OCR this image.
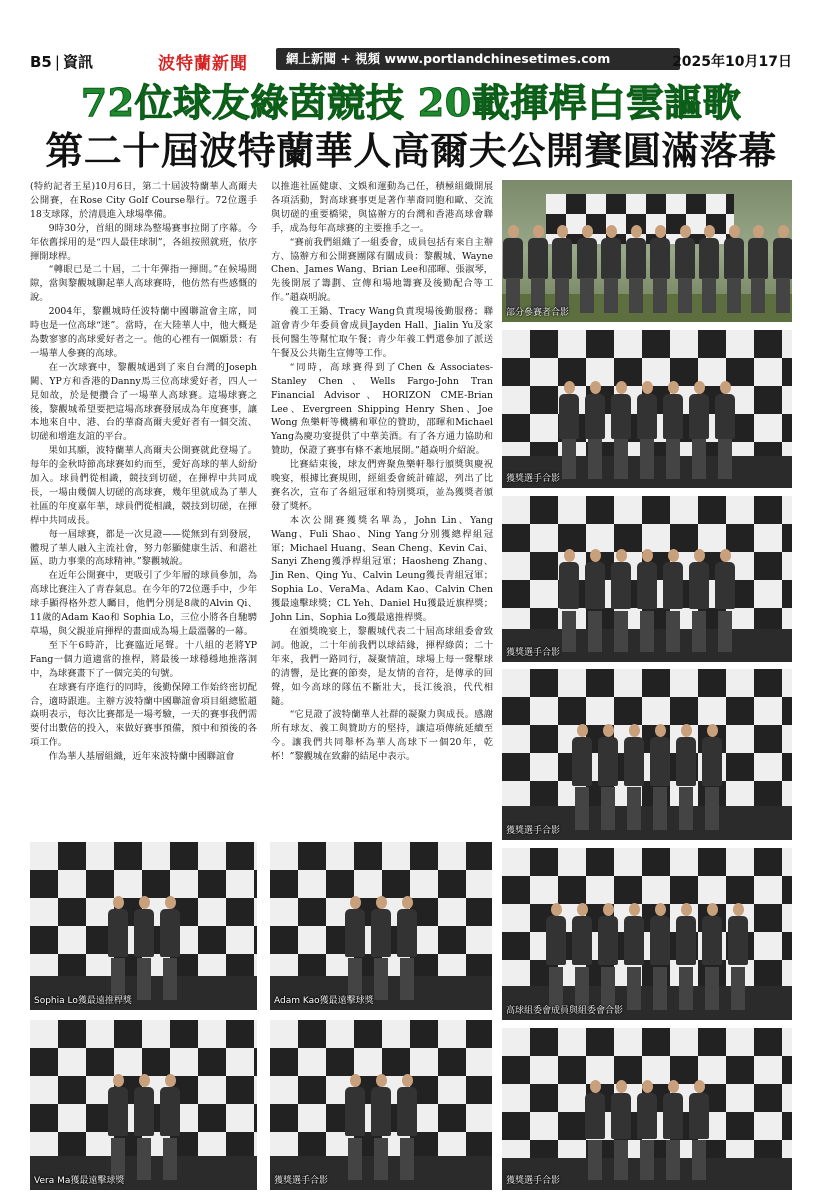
B5 | 資訊	波特蘭新聞	網上新聞 + 視頻 www.portlandchinesetimes.com	2025年10月17日
72位球友綠茵競技 20載揮桿白雲謳歌
第二十屆波特蘭華人高爾夫公開賽圓滿落幕

(特約記者王星)10月6日，第二十屆波特蘭華人高爾夫公開賽，在Rose City Golf Course舉行。72位選手18支球隊，於清晨進入球場準備。

9時30分，首組的開球為整場賽事拉開了序幕。今年依舊採用的是“四人最佳球制”，各組按照就班，依序揮開球桿。

“轉眼已是二十屆，二十年彈指一揮間。”在候場間隙，當與黎觀城聊起華人高球賽時，他仿然有些感慨的說。

2004年，黎觀城時任波特蘭中國聯誼會主席，同時也是一位高球“迷”。當時，在大陸華人中，他大概是為數寥寥的高球愛好者之一。他的心裡有一個願景：有一場華人參賽的高球。

在一次球賽中，黎觀城遇到了來自台灣的Joseph闕、YP方和香港的Danny馬三位高球愛好者，四人一見如故，於是便攢合了一場華人高球賽。這場球賽之後，黎觀城希望要把這場高球賽發展成為年度賽事，讓本地來自中、港、台的華裔高爾夫愛好者有一個交流、切磋和增進友誼的平台。

果如其願，波特蘭華人高爾夫公開賽就此登場了。每年的金秋時節高球賽如約而至，愛好高球的華人紛紛加入。球員們從相識，競技到切磋，在揮桿中共同成長，一場由幾個人切磋的高球賽，幾年里就成為了華人社區的年度嘉年華，球員們從相識，競技到切磋，在揮桿中共同成長。

每一屆球賽，都是一次見證——從無到有到發展，體現了華人融入主流社會，努力彰顯健康生活、和諧社區、助力事業的高球精神。”黎觀城說。

在近年公開賽中，更吸引了少年層的球員參加，為高球比賽注入了青春氣息。在今年的72位選手中，少年球手顯得格外惹人矚目，他們分別是8歲的Alvin Qi、11歲的Adam Kao和 Sophia Lo，三位小將各自馳騁草場，與父親並肩揮桿的畫面成為場上最溫馨的一幕。

至下午6時許，比賽臨近尾聲。十八組的老將YP Fang一個力道適當的推桿，將最後一球穩穩地推落洞中，為球賽畫下了一個完美的句號。

在球賽有序進行的同時，後勤保障工作始終密切配合，適時跟進。主辦方波特蘭中國聯誼會項目組總監趙焱明表示，每次比賽都是一場考驗，一天的賽事我們需要付出數倍的投入，來做好賽事預備，預中和預後的各項工作。

作為華人基層組織，近年來波特蘭中國聯誼會

以推進社區健康、文娛和運動為己任，積極組織開展各項活動，對高球賽事更是著作華裔同胞和歐、交流與切磋的重要橋梁，與協辦方的台灣和香港高球會聯手，成為每年高球賽的主要推手之一。

“賽前我們組織了一組委會，成員包括有來自主辦方、協辦方和公開賽團隊有關成員：黎觀城、Wayne Chen、James Wang、Brian Lee和邵暉、張淑琴，先後開展了籌劃、宣傳和場地籌賽及後勤配合等工作。”趙焱明說。

義工王鍋、Tracy Wang負責現場後勤服務；聯誼會青少年委員會成員Jayden Hall、Jialin Yu及家長何醫生等幫忙取午餐；青少年義工們還參加了派送午餐及公共衛生宣傳等工作。

“同時，高球賽得到了Chen & Associates-Stanley Chen、Wells Fargo-John Tran Financial Advisor、HORIZON CME-Brian Lee、Evergreen Shipping Henry Shen、Joe Wong 魚樂軒等機構和單位的贊助，邵暉和Michael Yang為慶功宴提供了中華美酒。有了各方通力協助和贊助，保證了賽事有條不紊地展開。”趙焱明介紹說。

比賽結束後，球友們齊聚魚樂軒舉行頒獎與慶祝晚宴，根據比賽規則，經組委會統計確認，列出了比賽名次，宣布了各組冠軍和特別獎項，並為獲獎者頒發了獎杯。

本次公開賽獲獎名單為，John Lin、Yang Wang、Fuli Shao、Ning Yang分別獲總桿組冠軍；Michael Huang、Sean Cheng、Kevin Cai、Sanyi Zheng獲淨桿組冠軍；Haosheng Zhang、Jin Ren、Qing Yu、Calvin Leung獲長青組冠軍；Sophia Lo、VeraMa、Adam Kao、Calvin Chen獲最遠擊球獎；CL Yeh、Daniel Hu獲最近旗桿獎；John Lin、Sophia Lo獲最遠推桿獎。

在頒獎晚宴上，黎觀城代表二十屆高球組委會致詞。他說，二十年前我們以球結緣，揮桿綠茵；二十年來，我們一路同行，凝聚情誼，球場上每一聲擊球的清響，是比賽的節奏，是友情的音符，是傳承的回聲，如今高球的隊伍不斷壯大，長江後浪，代代相隨。

“它見證了波特蘭華人社群的凝聚力與成長。感謝所有球友、義工與贊助方的堅持，讓這項傳統延續至今。讓我們共同舉杯為華人高球下一個20年，乾杯！”黎觀城在致辭的結尾中表示。

部分參賽者合影
獲獎選手合影
獲獎選手合影
獲獎選手合影
Sophia Lo獲最遠推桿獎	Adam Kao獲最遠擊球獎
高球組委會成員與組委會合影
Vera Ma獲最遠擊球獎	獲獎選手合影	獲獎選手合影
